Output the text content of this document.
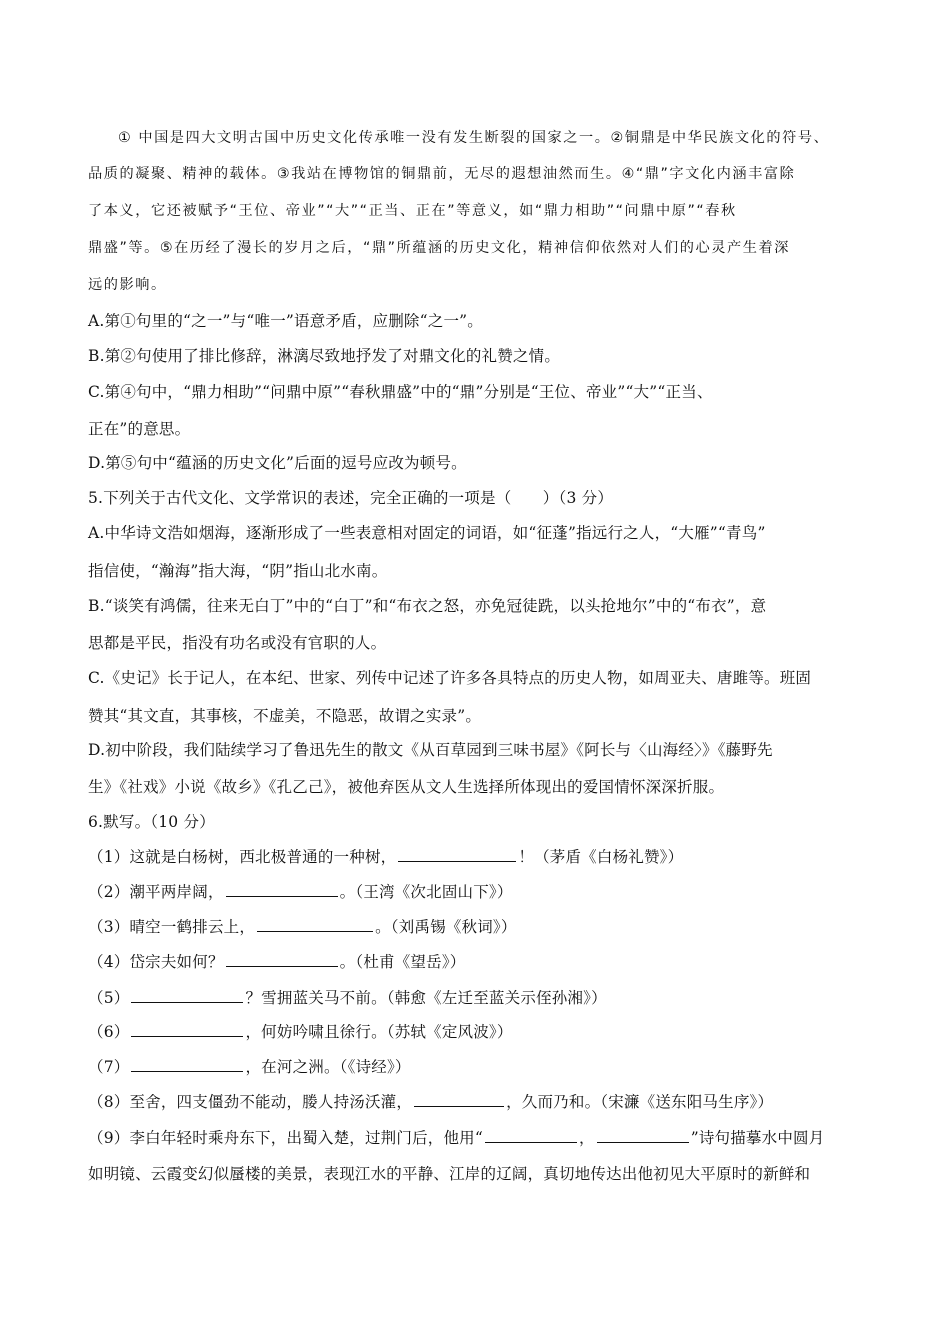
① 中国是四大文明古国中历史文化传承唯一没有发生断裂的国家之一。②铜鼎是中华民族文化的符号、
品质的凝聚、精神的载体。③我站在博物馆的铜鼎前，无尽的遐想油然而生。④“鼎”字文化内涵丰富除
了本义，它还被赋予“王位、帝业”“大”“正当、正在”等意义，如“鼎力相助”“问鼎中原”“春秋
鼎盛”等。⑤在历经了漫长的岁月之后，“鼎”所蕴涵的历史文化，精神信仰依然对人们的心灵产生着深
远的影响。
A.第①句里的“之一”与“唯一”语意矛盾，应删除“之一”。
B.第②句使用了排比修辞，淋漓尽致地抒发了对鼎文化的礼赞之情。
C.第④句中，“鼎力相助”“问鼎中原”“春秋鼎盛”中的“鼎”分别是“王位、帝业”“大”“正当、
正在”的意思。
D.第⑤句中“蕴涵的历史文化”后面的逗号应改为顿号。
5.下列关于古代文化、文学常识的表述，完全正确的一项是（　　）（3 分）
A.中华诗文浩如烟海，逐渐形成了一些表意相对固定的词语，如“征蓬”指远行之人，“大雁”“青鸟”
指信使，“瀚海”指大海，“阴”指山北水南。
B.“谈笑有鸿儒，往来无白丁”中的“白丁”和“布衣之怒，亦免冠徒跣，以头抢地尔”中的“布衣”，意
思都是平民，指没有功名或没有官职的人。
C.《史记》长于记人，在本纪、世家、列传中记述了许多各具特点的历史人物，如周亚夫、唐雎等。班固
赞其“其文直，其事核，不虚美，不隐恶，故谓之实录”。
D.初中阶段，我们陆续学习了鲁迅先生的散文《从百草园到三味书屋》《阿长与〈山海经〉》《藤野先
生》《社戏》小说《故乡》《孔乙己》，被他弃医从文人生选择所体现出的爱国情怀深深折服。
6.默写。（10 分）
（1）这就是白杨树，西北极普通的一种树，	！（茅盾《白杨礼赞》）
（2）潮平两岸阔，	。（王湾《次北固山下》）
（3）晴空一鹤排云上，	。（刘禹锡《秋词》）
（4）岱宗夫如何？	。（杜甫《望岳》）
（5）	？雪拥蓝关马不前。（韩愈《左迁至蓝关示侄孙湘》）
（6）	，何妨吟啸且徐行。（苏轼《定风波》）
（7）	，在河之洲。（《诗经》）
（8）至舍，四支僵劲不能动，媵人持汤沃灌，	，久而乃和。（宋濂《送东阳马生序》）
（9）李白年轻时乘舟东下，出蜀入楚，过荆门后，他用“	，	”诗句描摹水中圆月
如明镜、云霞变幻似蜃楼的美景，表现江水的平静、江岸的辽阔，真切地传达出他初见大平原时的新鲜和
